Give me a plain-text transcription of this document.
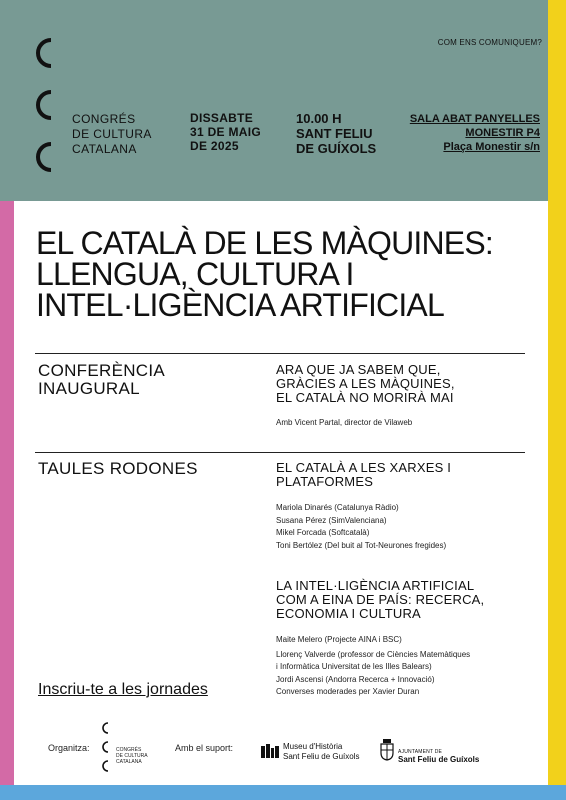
CONGRÉS
DE CULTURA
CATALANA
DISSABTE
31 DE MAIG
DE 2025
10.00 H
SANT FELIU
DE GUÍXOLS
SALA ABAT PANYELLES
MONESTIR P4
Plaça Monestir s/n
COM ENS COMUNIQUEM?
EL CATALÀ DE LES MÀQUINES:
LLENGUA, CULTURA I
INTEL·LIGÈNCIA ARTIFICIAL
CONFERÈNCIA
INAUGURAL
ARA QUE JA SABEM QUE,
GRÀCIES A LES MÀQUINES,
EL CATALÀ NO MORIRÀ MAI
Amb Vicent Partal, director de Vilaweb
TAULES RODONES	EL CATALÀ A LES XARXES I
PLATAFORMES
Mariola Dinarés (Catalunya Ràdio)
Susana Pérez (SimValenciana)
Mikel Forcada (Softcatalà)
Toni Bertólez (Del buit al Tot-Neurones fregides)
LA INTEL·LIGÈNCIA ARTIFICIAL
COM A EINA DE PAÍS: RECERCA,
ECONOMIA I CULTURA
Maite Melero (Projecte AINA i BSC)
Llorenç Valverde (professor de Ciències Matemàtiques
i Informàtica Universitat de les Illes Balears)
Jordi Ascensi (Andorra Recerca + Innovació)
Converses moderades per Xavier Duran
Inscriu-te a les jornades
Organitza:	CONGRÉS
DE CULTURA
CATALANA
Amb el suport:	Museu d'Història
Sant Feliu de Guíxols	AJUNTAMENT DE
Sant Feliu de Guíxols
